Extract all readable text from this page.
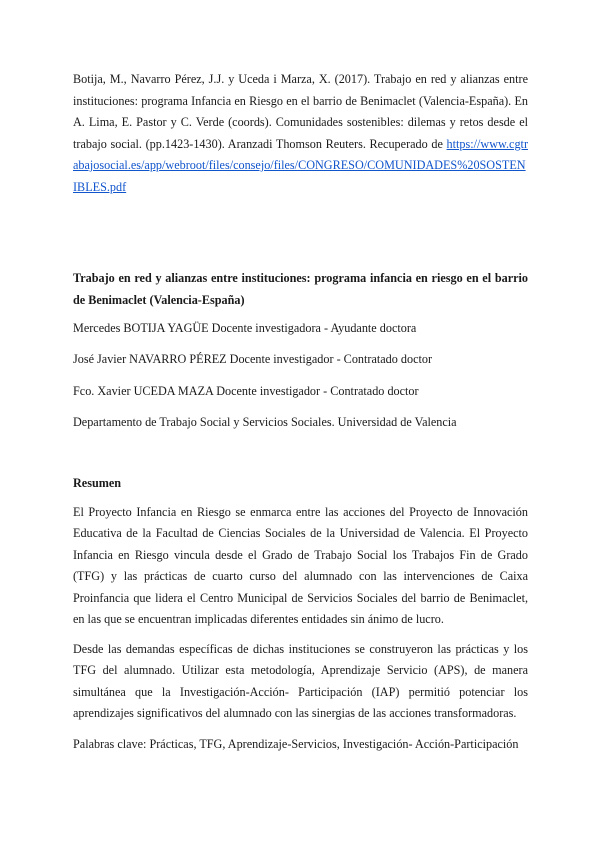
Botija, M., Navarro Pérez, J.J. y Uceda i Marza, X. (2017). Trabajo en red y alianzas entre instituciones: programa Infancia en Riesgo en el barrio de Benimaclet (Valencia-España). En A. Lima, E. Pastor y C. Verde (coords). Comunidades sostenibles: dilemas y retos desde el trabajo social. (pp.1423-1430). Aranzadi Thomson Reuters. Recuperado de https://www.cgtrabajosocial.es/app/webroot/files/consejo/files/CONGRESO/COMUNIDADES%20SOSTENIBLES.pdf

Trabajo en red y alianzas entre instituciones: programa infancia en riesgo en el barrio de Benimaclet (Valencia-España)

Mercedes BOTIJA YAGÜE Docente investigadora - Ayudante doctora

José Javier NAVARRO PÉREZ Docente investigador - Contratado doctor

Fco. Xavier UCEDA MAZA Docente investigador - Contratado doctor

Departamento de Trabajo Social y Servicios Sociales. Universidad de Valencia

Resumen

El Proyecto Infancia en Riesgo se enmarca entre las acciones del Proyecto de Innovación Educativa de la Facultad de Ciencias Sociales de la Universidad de Valencia. El Proyecto Infancia en Riesgo vincula desde el Grado de Trabajo Social los Trabajos Fin de Grado (TFG) y las prácticas de cuarto curso del alumnado con las intervenciones de Caixa Proinfancia que lidera el Centro Municipal de Servicios Sociales del barrio de Benimaclet, en las que se encuentran implicadas diferentes entidades sin ánimo de lucro.

Desde las demandas específicas de dichas instituciones se construyeron las prácticas y los TFG del alumnado. Utilizar esta metodología, Aprendizaje Servicio (APS), de manera simultánea que la Investigación-Acción- Participación (IAP) permitió potenciar los aprendizajes significativos del alumnado con las sinergias de las acciones transformadoras.

Palabras clave: Prácticas, TFG, Aprendizaje-Servicios, Investigación- Acción-Participación
